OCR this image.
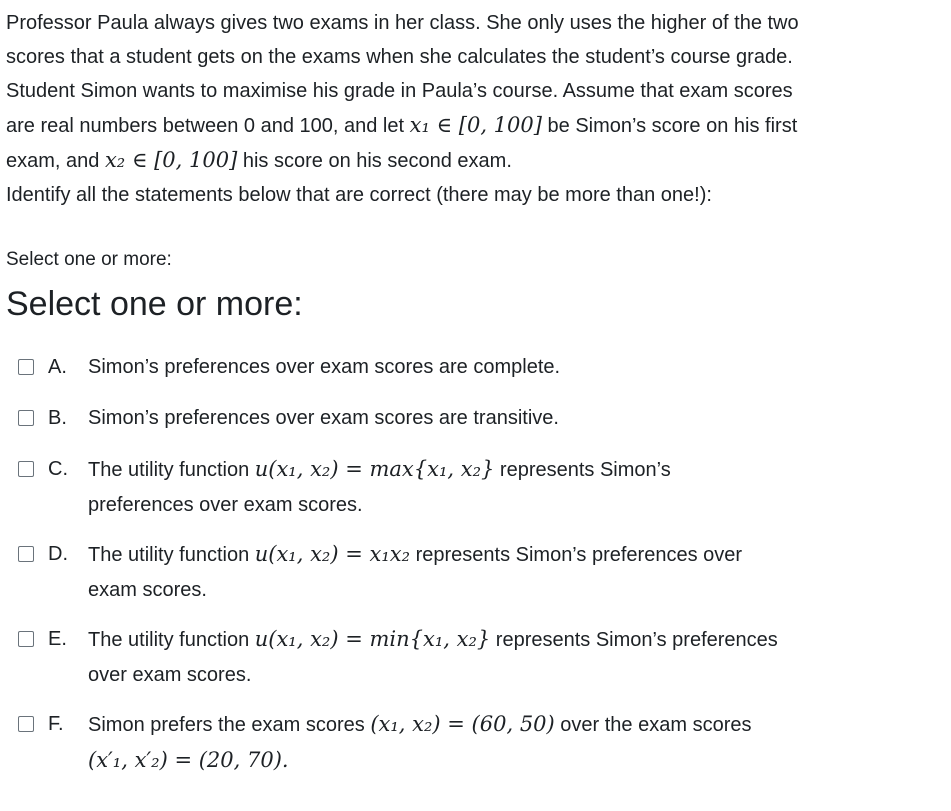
Professor Paula always gives two exams in her class. She only uses the higher of the two
scores that a student gets on the exams when she calculates the student’s course grade.
Student Simon wants to maximise his grade in Paula’s course. Assume that exam scores
are real numbers between 0 and 100, and let x₁ ∈ [0, 100] be Simon’s score on his first
exam, and x₂ ∈ [0, 100] his score on his second exam.
Identify all the statements below that are correct (there may be more than one!):
Select one or more:
Select one or more:
A.	Simon’s preferences over exam scores are complete.
B.	Simon’s preferences over exam scores are transitive.
C.	The utility function u(x₁, x₂) = max{x₁, x₂} represents Simon’s
preferences over exam scores.
D.	The utility function u(x₁, x₂) = x₁x₂ represents Simon’s preferences over
exam scores.
E.	The utility function u(x₁, x₂) = min{x₁, x₂} represents Simon’s preferences
over exam scores.
F.	Simon prefers the exam scores (x₁, x₂) = (60, 50) over the exam scores
(x′₁, x′₂) = (20, 70).
